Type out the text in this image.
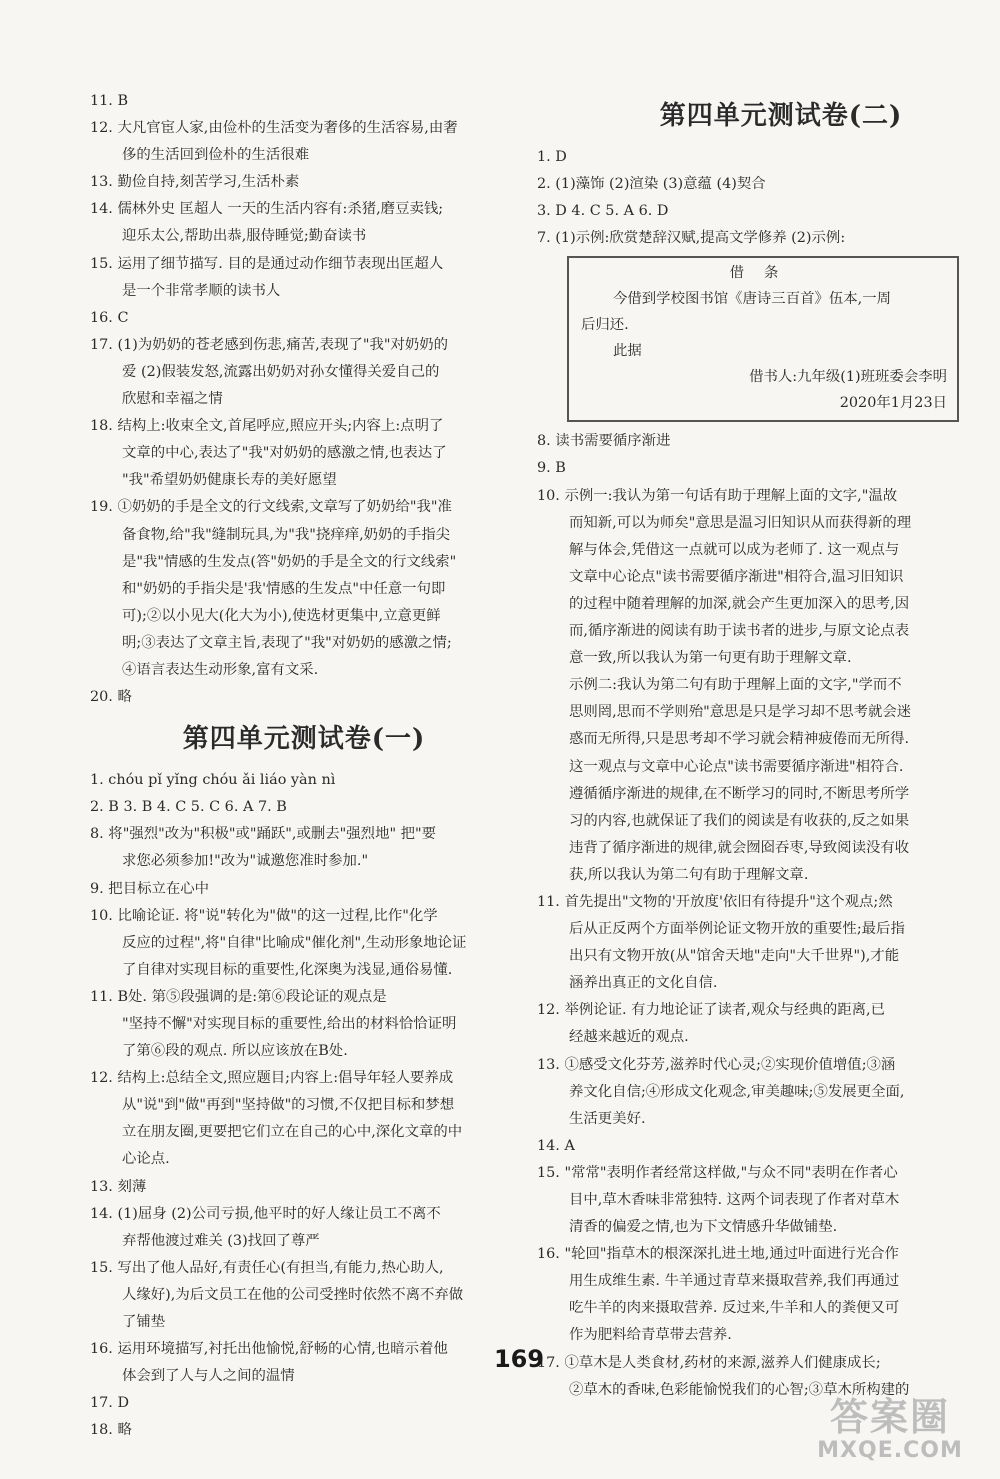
11. B
12. 大凡官宦人家,由俭朴的生活变为奢侈的生活容易,由奢
侈的生活回到俭朴的生活很难
13. 勤俭自持,刻苦学习,生活朴素
14. 儒林外史 匡超人 一天的生活内容有:杀猪,磨豆卖钱;
迎乐太公,帮助出恭,服侍睡觉;勤奋读书
15. 运用了细节描写. 目的是通过动作细节表现出匡超人
是一个非常孝顺的读书人
16. C
17. (1)为奶奶的苍老感到伤悲,痛苦,表现了"我"对奶奶的
爱 (2)假装发怒,流露出奶奶对孙女懂得关爱自己的
欣慰和幸福之情
18. 结构上:收束全文,首尾呼应,照应开头;内容上:点明了
文章的中心,表达了"我"对奶奶的感激之情,也表达了
"我"希望奶奶健康长寿的美好愿望
19. ①奶奶的手是全文的行文线索,文章写了奶奶给"我"准
备食物,给"我"缝制玩具,为"我"挠痒痒,奶奶的手指尖
是"我"情感的生发点(答"奶奶的手是全文的行文线索"
和"奶奶的手指尖是'我'情感的生发点"中任意一句即
可);②以小见大(化大为小),使选材更集中,立意更鲜
明;③表达了文章主旨,表现了"我"对奶奶的感激之情;
④语言表达生动形象,富有文采.
20. 略
第四单元测试卷(一)
1. chóu pǐ yǐng chóu ǎi liáo yàn nì
2. B 3. B 4. C 5. C 6. A 7. B
8. 将"强烈"改为"积极"或"踊跃",或删去"强烈地" 把"要
求您必须参加!"改为"诚邀您准时参加."
9. 把目标立在心中
10. 比喻论证. 将"说"转化为"做"的这一过程,比作"化学
反应的过程",将"自律"比喻成"催化剂",生动形象地论证
了自律对实现目标的重要性,化深奥为浅显,通俗易懂.
11. B处. 第⑤段强调的是:第⑥段论证的观点是
"坚持不懈"对实现目标的重要性,给出的材料恰恰证明
了第⑥段的观点. 所以应该放在B处.
12. 结构上:总结全文,照应题目;内容上:倡导年轻人要养成
从"说"到"做"再到"坚持做"的习惯,不仅把目标和梦想
立在朋友圈,更要把它们立在自己的心中,深化文章的中
心论点.
13. 刻薄
14. (1)屈身 (2)公司亏损,他平时的好人缘让员工不离不
弃帮他渡过难关 (3)找回了尊严
15. 写出了他人品好,有责任心(有担当,有能力,热心助人,
人缘好),为后文员工在他的公司受挫时依然不离不弃做
了铺垫
16. 运用环境描写,衬托出他愉悦,舒畅的心情,也暗示着他
体会到了人与人之间的温情
17. D
18. 略
第四单元测试卷(二)
1. D
2. (1)藻饰 (2)渲染 (3)意蕴 (4)契合
3. D 4. C 5. A 6. D
7. (1)示例:欣赏楚辞汉赋,提高文学修养 (2)示例:
借条
今借到学校图书馆《唐诗三百首》伍本,一周
后归还.
此据
借书人:九年级(1)班班委会李明
2020年1月23日
8. 读书需要循序渐进
9. B
10. 示例一:我认为第一句话有助于理解上面的文字,"温故
而知新,可以为师矣"意思是温习旧知识从而获得新的理
解与体会,凭借这一点就可以成为老师了. 这一观点与
文章中心论点"读书需要循序渐进"相符合,温习旧知识
的过程中随着理解的加深,就会产生更加深入的思考,因
而,循序渐进的阅读有助于读书者的进步,与原文论点表
意一致,所以我认为第一句更有助于理解文章.
示例二:我认为第二句有助于理解上面的文字,"学而不
思则罔,思而不学则殆"意思是只是学习却不思考就会迷
惑而无所得,只是思考却不学习就会精神疲倦而无所得.
这一观点与文章中心论点"读书需要循序渐进"相符合.
遵循循序渐进的规律,在不断学习的同时,不断思考所学
习的内容,也就保证了我们的阅读是有收获的,反之如果
违背了循序渐进的规律,就会囫囵吞枣,导致阅读没有收
获,所以我认为第二句有助于理解文章.
11. 首先提出"文物的'开放度'依旧有待提升"这个观点;然
后从正反两个方面举例论证文物开放的重要性;最后指
出只有文物开放(从"馆舍天地"走向"大千世界"),才能
涵养出真正的文化自信.
12. 举例论证. 有力地论证了读者,观众与经典的距离,已
经越来越近的观点.
13. ①感受文化芬芳,滋养时代心灵;②实现价值增值;③涵
养文化自信;④形成文化观念,审美趣味;⑤发展更全面,
生活更美好.
14. A
15. "常常"表明作者经常这样做,"与众不同"表明在作者心
目中,草木香味非常独特. 这两个词表现了作者对草木
清香的偏爱之情,也为下文情感升华做铺垫.
16. "轮回"指草木的根深深扎进土地,通过叶面进行光合作
用生成维生素. 牛羊通过青草来摄取营养,我们再通过
吃牛羊的肉来摄取营养. 反过来,牛羊和人的粪便又可
作为肥料给青草带去营养.
17. ①草木是人类食材,药材的来源,滋养人们健康成长;
②草木的香味,色彩能愉悦我们的心智;③草木所构建的
169
答案圈
MXQE.COM
